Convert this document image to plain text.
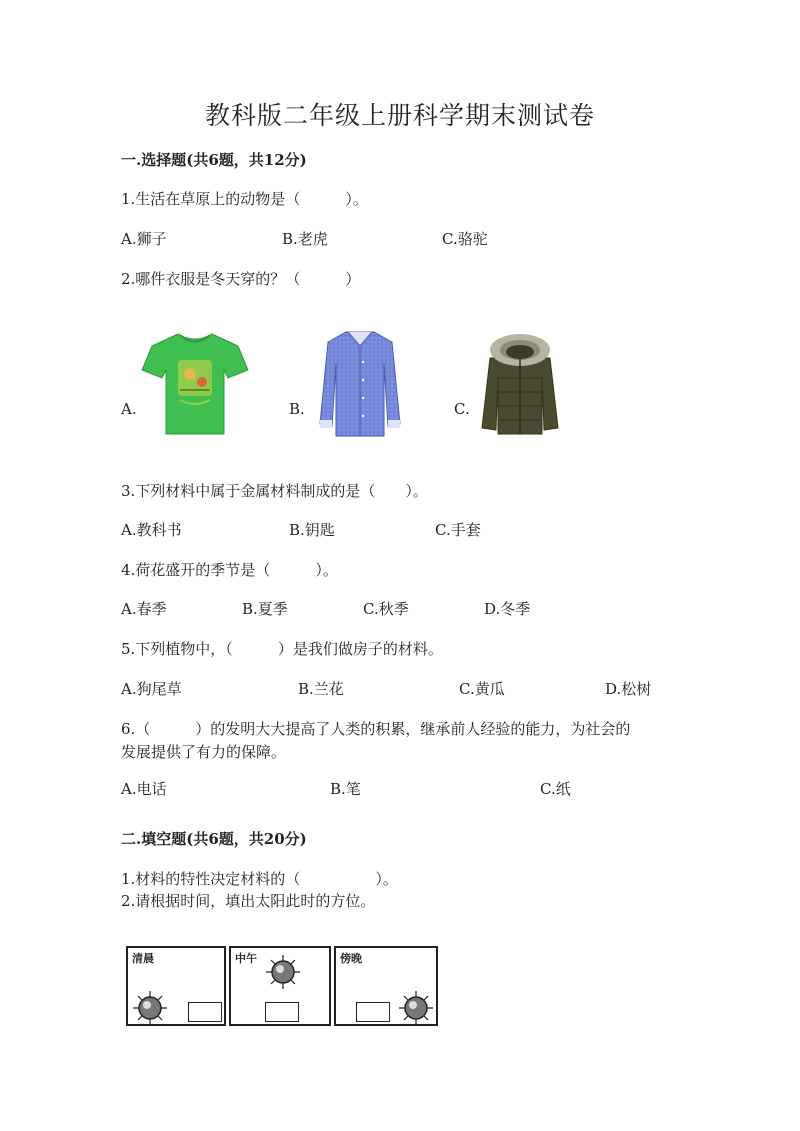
教科版二年级上册科学期末测试卷
一.选择题(共6题，共12分)
1.生活在草原上的动物是（　　　）。
A.狮子	B.老虎	C.骆驼
2.哪件衣服是冬天穿的？（　　　）
A.	B.	C.
3.下列材料中属于金属材料制成的是（　　）。
A.教科书	B.钥匙	C.手套
4.荷花盛开的季节是（　　　）。
A.春季	B.夏季	C.秋季	D.冬季
5.下列植物中，（　　　）是我们做房子的材料。
A.狗尾草	B.兰花	C.黄瓜	D.松树
6.（　　　）的发明大大提高了人类的积累，继承前人经验的能力，为社会的
发展提供了有力的保障。
A.电话	B.笔	C.纸
二.填空题(共6题，共20分)
1.材料的特性决定材料的（　　　　　）。
2.请根据时间，填出太阳此时的方位。
清晨	中午	傍晚
